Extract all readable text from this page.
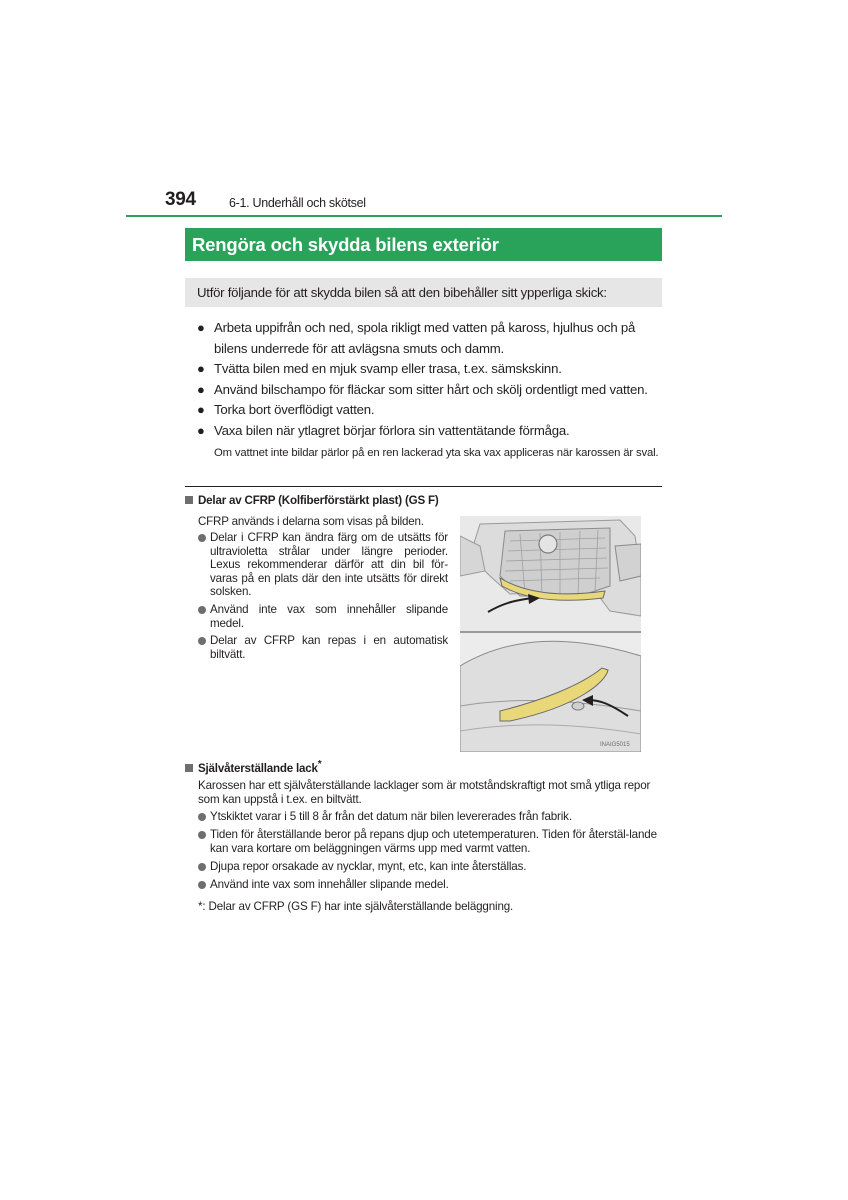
394	6-1. Underhåll och skötsel
Rengöra och skydda bilens exteriör
Utför följande för att skydda bilen så att den bibehåller sitt ypperliga skick:
● Arbeta uppifrån och ned, spola rikligt med vatten på kaross, hjulhus och på bilens underrede för att avlägsna smuts och damm.
● Tvätta bilen med en mjuk svamp eller trasa, t.ex. sämskskinn.
● Använd bilschampo för fläckar som sitter hårt och skölj ordentligt med vatten.
● Torka bort överflödigt vatten.
● Vaxa bilen när ytlagret börjar förlora sin vattentätande förmåga.
Om vattnet inte bildar pärlor på en ren lackerad yta ska vax appliceras när karossen är sval.
Delar av CFRP (Kolfiberförstärkt plast) (GS F)
CFRP används i delarna som visas på bilden.
Delar i CFRP kan ändra färg om de utsätts för ultravioletta strålar under längre perioder. Lexus rekommenderar därför att din bil för-varas på en plats där den inte utsätts för direkt solsken.
Använd inte vax som innehåller slipande medel.
Delar av CFRP kan repas i en automatisk biltvätt.
INAIG5015
Självåterställande lack*
Karossen har ett självåterställande lacklager som är motståndskraftigt mot små ytliga repor som kan uppstå i t.ex. en biltvätt.
Ytskiktet varar i 5 till 8 år från det datum när bilen levererades från fabrik.
Tiden för återställande beror på repans djup och utetemperaturen. Tiden för återstäl-lande kan vara kortare om beläggningen värms upp med varmt vatten.
Djupa repor orsakade av nycklar, mynt, etc, kan inte återställas.
Använd inte vax som innehåller slipande medel.
*: Delar av CFRP (GS F) har inte självåterställande beläggning.
